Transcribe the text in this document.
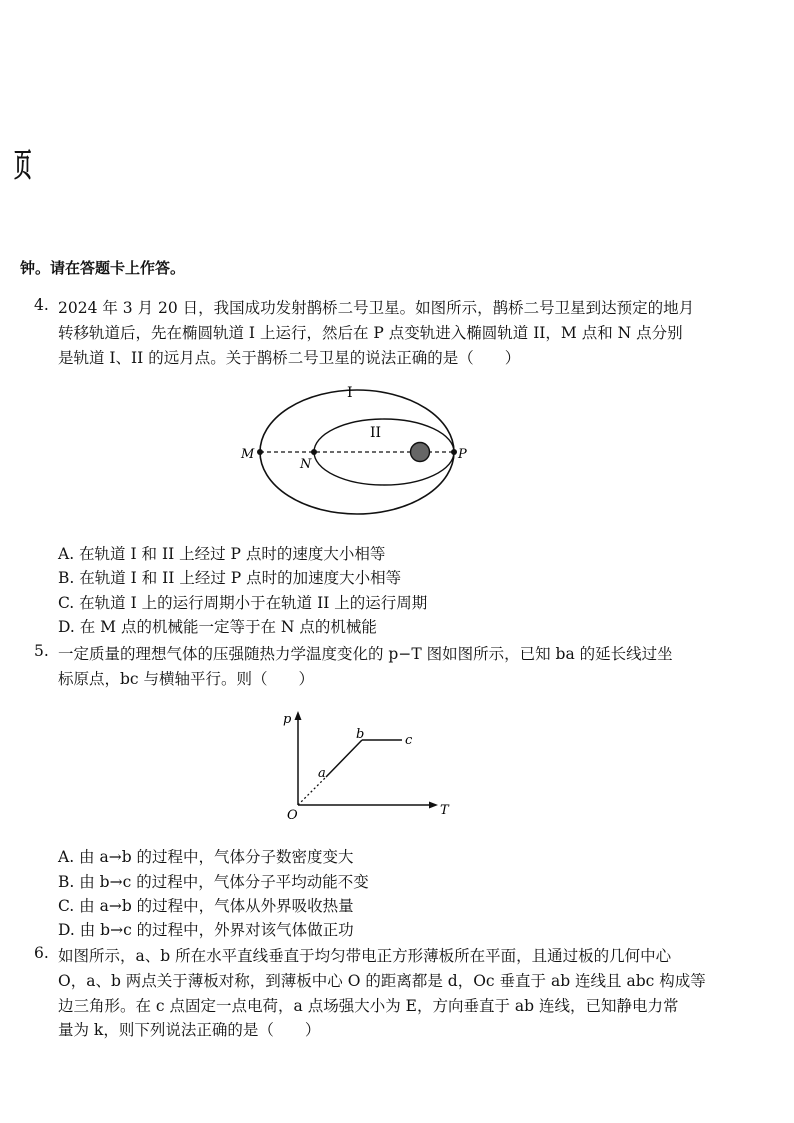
页
钟。请在答题卡上作答。
4. 2024 年 3 月 20 日，我国成功发射鹊桥二号卫星。如图所示，鹊桥二号卫星到达预定的地月
转移轨道后，先在椭圆轨道 I 上运行，然后在 P 点变轨进入椭圆轨道 II，M 点和 N 点分别
是轨道 I、II 的远月点。关于鹊桥二号卫星的说法正确的是（　　）
I
II
M
N
P
A. 在轨道 I 和 II 上经过 P 点时的速度大小相等
B. 在轨道 I 和 II 上经过 P 点时的加速度大小相等
C. 在轨道 I 上的运行周期小于在轨道 II 上的运行周期
D. 在 M 点的机械能一定等于在 N 点的机械能
5. 一定质量的理想气体的压强随热力学温度变化的 p−T 图如图所示，已知 ba 的延长线过坐
标原点，bc 与横轴平行。则（　　）
p
T
O
a
b	c
A. 由 a→b 的过程中，气体分子数密度变大
B. 由 b→c 的过程中，气体分子平均动能不变
C. 由 a→b 的过程中，气体从外界吸收热量
D. 由 b→c 的过程中，外界对该气体做正功
6. 如图所示，a、b 所在水平直线垂直于均匀带电正方形薄板所在平面，且通过板的几何中心
O，a、b 两点关于薄板对称，到薄板中心 O 的距离都是 d，Oc 垂直于 ab 连线且 abc 构成等
边三角形。在 c 点固定一点电荷，a 点场强大小为 E，方向垂直于 ab 连线，已知静电力常
量为 k，则下列说法正确的是（　　）
